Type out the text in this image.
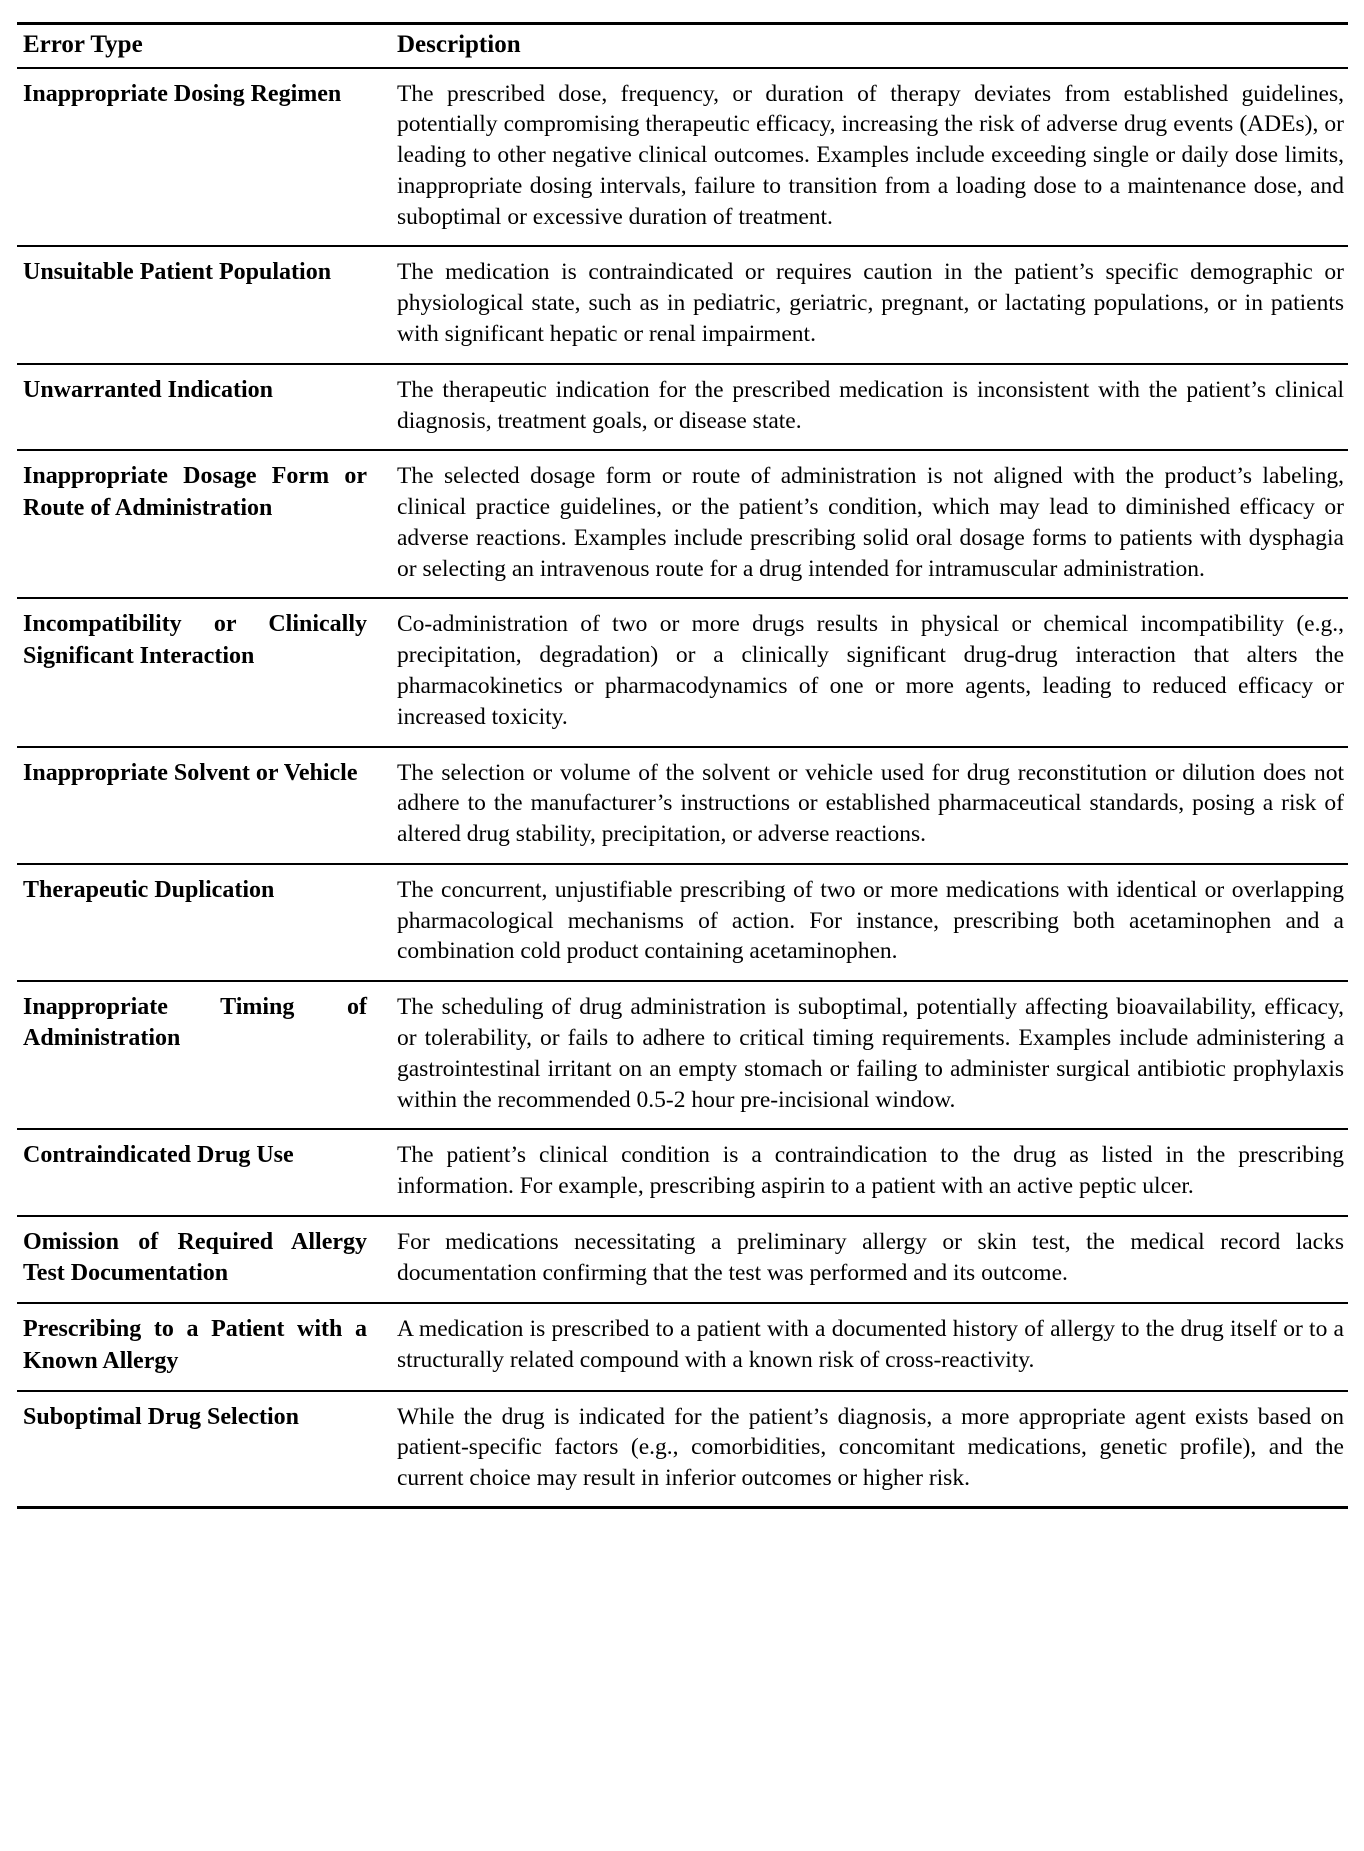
Error Type	Description
Inappropriate Dosing Regimen	The prescribed dose, frequency, or duration of therapy deviates from established guidelines, potentially compromising therapeutic efficacy, increasing the risk of adverse drug events (ADEs), or leading to other negative clinical outcomes. Examples include exceeding single or daily dose limits, inappropriate dosing intervals, failure to transition from a loading dose to a maintenance dose, and suboptimal or excessive duration of treatment.
Unsuitable Patient Population	The medication is contraindicated or requires caution in the patient’s specific demographic or physiological state, such as in pediatric, geriatric, pregnant, or lactating populations, or in patients with significant hepatic or renal impairment.
Unwarranted Indication	The therapeutic indication for the prescribed medication is inconsistent with the patient’s clinical diagnosis, treatment goals, or disease state.
Inappropriate Dosage Form or Route of Administration	The selected dosage form or route of administration is not aligned with the product’s labeling, clinical practice guidelines, or the patient’s condition, which may lead to diminished efficacy or adverse reactions. Examples include prescribing solid oral dosage forms to patients with dysphagia or selecting an intravenous route for a drug intended for intramuscular administration.
Incompatibility or Clinically Significant Interaction	Co-administration of two or more drugs results in physical or chemical incompatibility (e.g., precipitation, degradation) or a clinically significant drug-drug interaction that alters the pharmacokinetics or pharmacodynamics of one or more agents, leading to reduced efficacy or increased toxicity.
Inappropriate Solvent or Vehicle	The selection or volume of the solvent or vehicle used for drug reconstitution or dilution does not adhere to the manufacturer’s instructions or established pharmaceutical standards, posing a risk of altered drug stability, precipitation, or adverse reactions.
Therapeutic Duplication	The concurrent, unjustifiable prescribing of two or more medications with identical or overlapping pharmacological mechanisms of action. For instance, prescribing both acetaminophen and a combination cold product containing acetaminophen.
Inappropriate Timing of Administration	The scheduling of drug administration is suboptimal, potentially affecting bioavailability, efficacy, or tolerability, or fails to adhere to critical timing requirements. Examples include administering a gastrointestinal irritant on an empty stomach or failing to administer surgical antibiotic prophylaxis within the recommended 0.5-2 hour pre-incisional window.
Contraindicated Drug Use	The patient’s clinical condition is a contraindication to the drug as listed in the prescribing information. For example, prescribing aspirin to a patient with an active peptic ulcer.
Omission of Required Allergy Test Documentation	For medications necessitating a preliminary allergy or skin test, the medical record lacks documentation confirming that the test was performed and its outcome.
Prescribing to a Patient with a Known Allergy	A medication is prescribed to a patient with a documented history of allergy to the drug itself or to a structurally related compound with a known risk of cross-reactivity.
Suboptimal Drug Selection	While the drug is indicated for the patient’s diagnosis, a more appropriate agent exists based on patient-specific factors (e.g., comorbidities, concomitant medications, genetic profile), and the current choice may result in inferior outcomes or higher risk.
